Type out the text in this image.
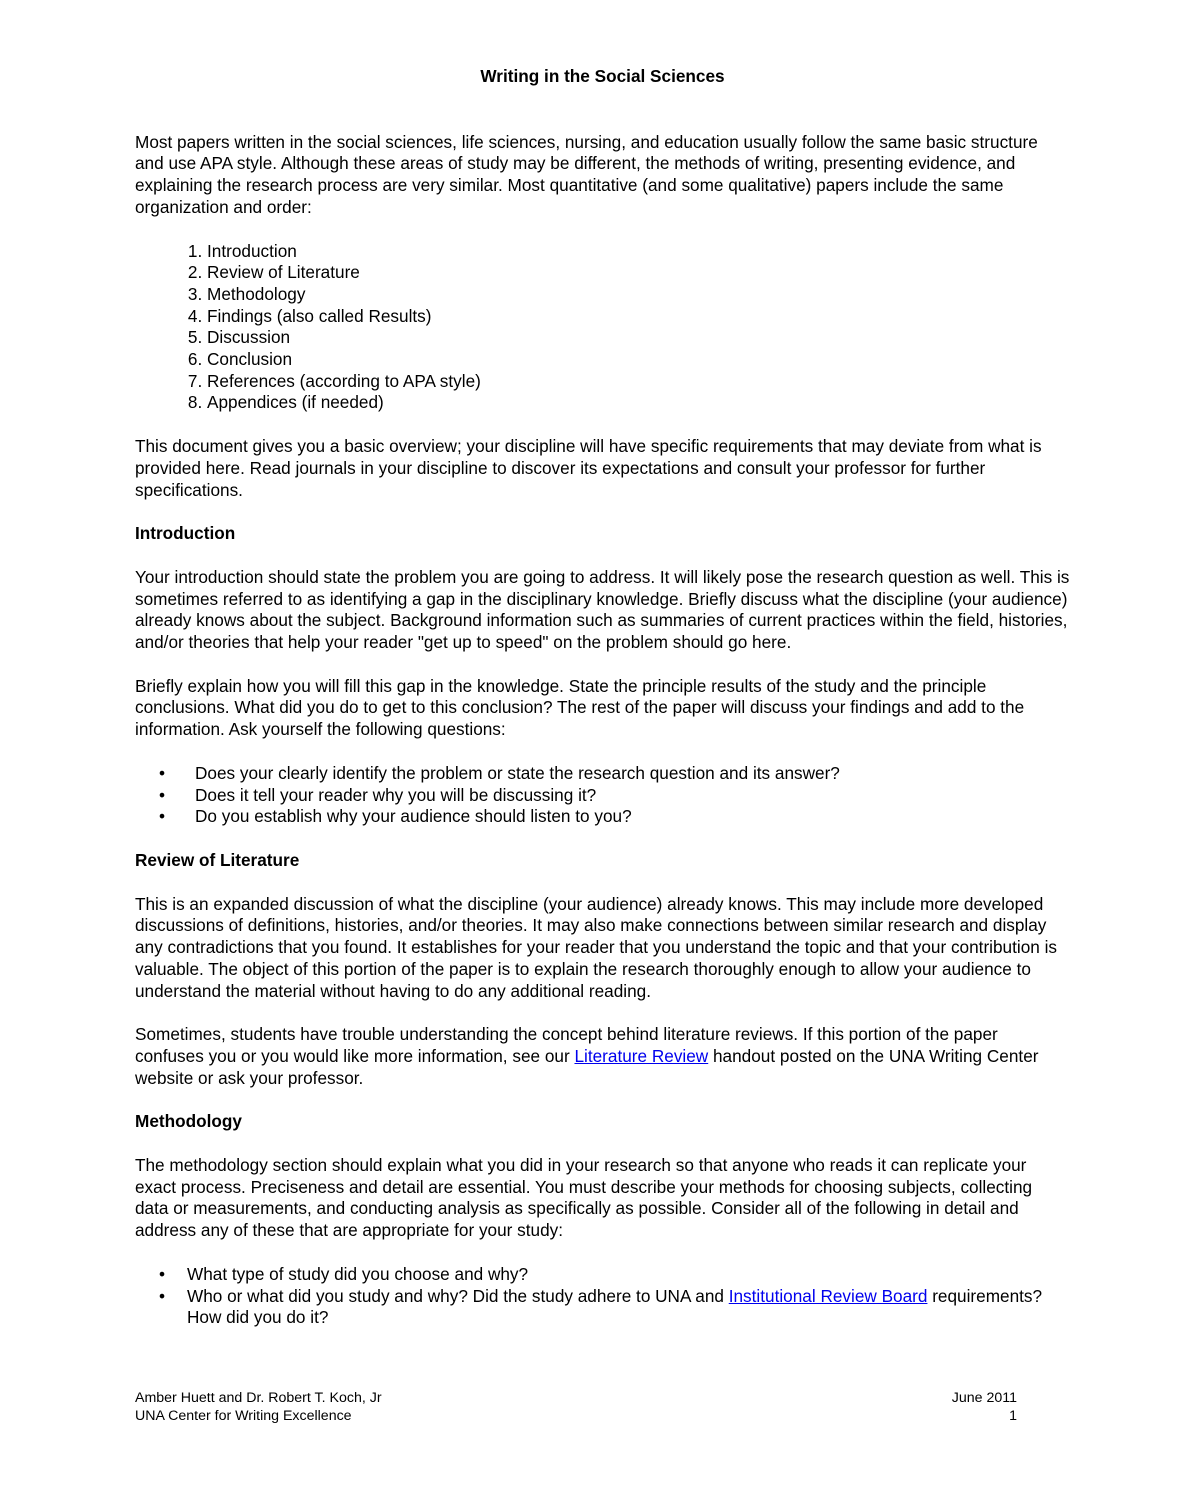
Writing in the Social Sciences

Most papers written in the social sciences, life sciences, nursing, and education usually follow the same basic structure and use APA style. Although these areas of study may be different, the methods of writing, presenting evidence, and explaining the research process are very similar. Most quantitative (and some qualitative) papers include the same organization and order:

1. Introduction
2. Review of Literature
3. Methodology
4. Findings (also called Results)
5. Discussion
6. Conclusion
7. References (according to APA style)
8. Appendices (if needed)

This document gives you a basic overview; your discipline will have specific requirements that may deviate from what is provided here. Read journals in your discipline to discover its expectations and consult your professor for further specifications.

Introduction

Your introduction should state the problem you are going to address. It will likely pose the research question as well. This is sometimes referred to as identifying a gap in the disciplinary knowledge. Briefly discuss what the discipline (your audience) already knows about the subject. Background information such as summaries of current practices within the field, histories, and/or theories that help your reader "get up to speed" on the problem should go here.

Briefly explain how you will fill this gap in the knowledge. State the principle results of the study and the principle conclusions. What did you do to get to this conclusion? The rest of the paper will discuss your findings and add to the information. Ask yourself the following questions:

• Does your clearly identify the problem or state the research question and its answer?
• Does it tell your reader why you will be discussing it?
• Do you establish why your audience should listen to you?
Review of Literature

This is an expanded discussion of what the discipline (your audience) already knows. This may include more developed discussions of definitions, histories, and/or theories. It may also make connections between similar research and display any contradictions that you found. It establishes for your reader that you understand the topic and that your contribution is valuable. The object of this portion of the paper is to explain the research thoroughly enough to allow your audience to understand the material without having to do any additional reading.

Sometimes, students have trouble understanding the concept behind literature reviews. If this portion of the paper confuses you or you would like more information, see our Literature Review handout posted on the UNA Writing Center website or ask your professor.

Methodology

The methodology section should explain what you did in your research so that anyone who reads it can replicate your exact process. Preciseness and detail are essential. You must describe your methods for choosing subjects, collecting data or measurements, and conducting analysis as specifically as possible. Consider all of the following in detail and address any of these that are appropriate for your study:

• What type of study did you choose and why?
• Who or what did you study and why? Did the study adhere to UNA and Institutional Review Board requirements? How did you do it?
Amber Huett and Dr. Robert T. Koch, Jr	June 2011
UNA Center for Writing Excellence	1
